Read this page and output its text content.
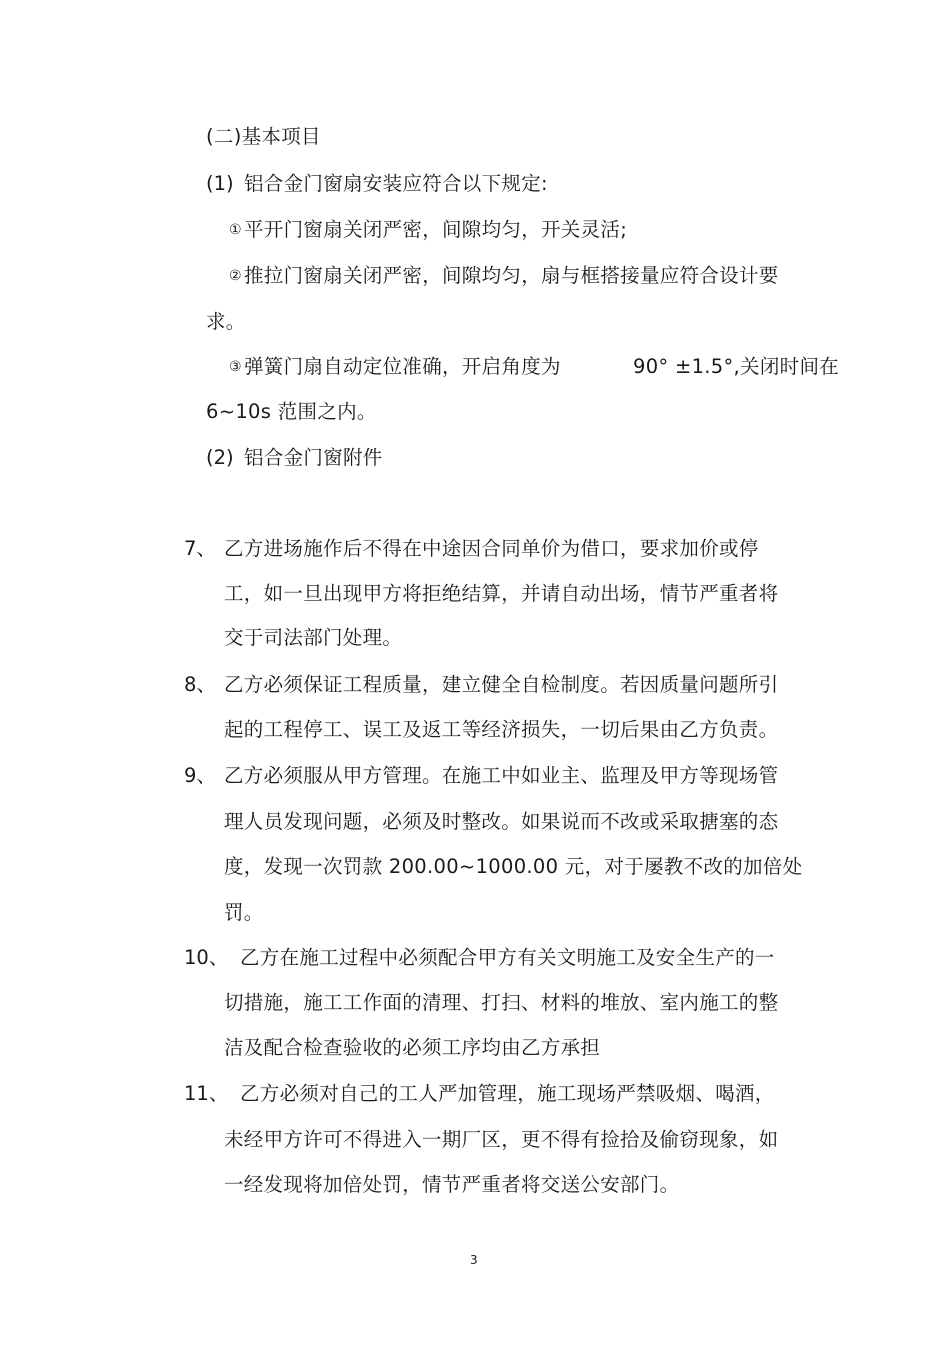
(二)基本项目
(1) 铝合金门窗扇安装应符合以下规定:
① 平开门窗扇关闭严密，间隙均匀，开关灵活;
② 推拉门窗扇关闭严密，间隙均匀，扇与框搭接量应符合设计要
求。
③ 弹簧门扇自动定位准确，开启角度为	90° ±1.5°,关闭时间在
6~10s 范围之内。
(2) 铝合金门窗附件
7、 乙方进场施作后不得在中途因合同单价为借口，要求加价或停
工，如一旦出现甲方将拒绝结算，并请自动出场，情节严重者将
交于司法部门处理。
8、 乙方必须保证工程质量，建立健全自检制度。若因质量问题所引
起的工程停工、误工及返工等经济损失，一切后果由乙方负责。
9、 乙方必须服从甲方管理。在施工中如业主、监理及甲方等现场管
理人员发现问题，必须及时整改。如果说而不改或采取搪塞的态
度，发现一次罚款 200.00~1000.00 元，对于屡教不改的加倍处
罚。
10、 乙方在施工过程中必须配合甲方有关文明施工及安全生产的一
切措施，施工工作面的清理、打扫、材料的堆放、室内施工的整
洁及配合检查验收的必须工序均由乙方承担
11、 乙方必须对自己的工人严加管理，施工现场严禁吸烟、喝酒，
未经甲方许可不得进入一期厂区，更不得有捡拾及偷窃现象，如
一经发现将加倍处罚，情节严重者将交送公安部门。
3
